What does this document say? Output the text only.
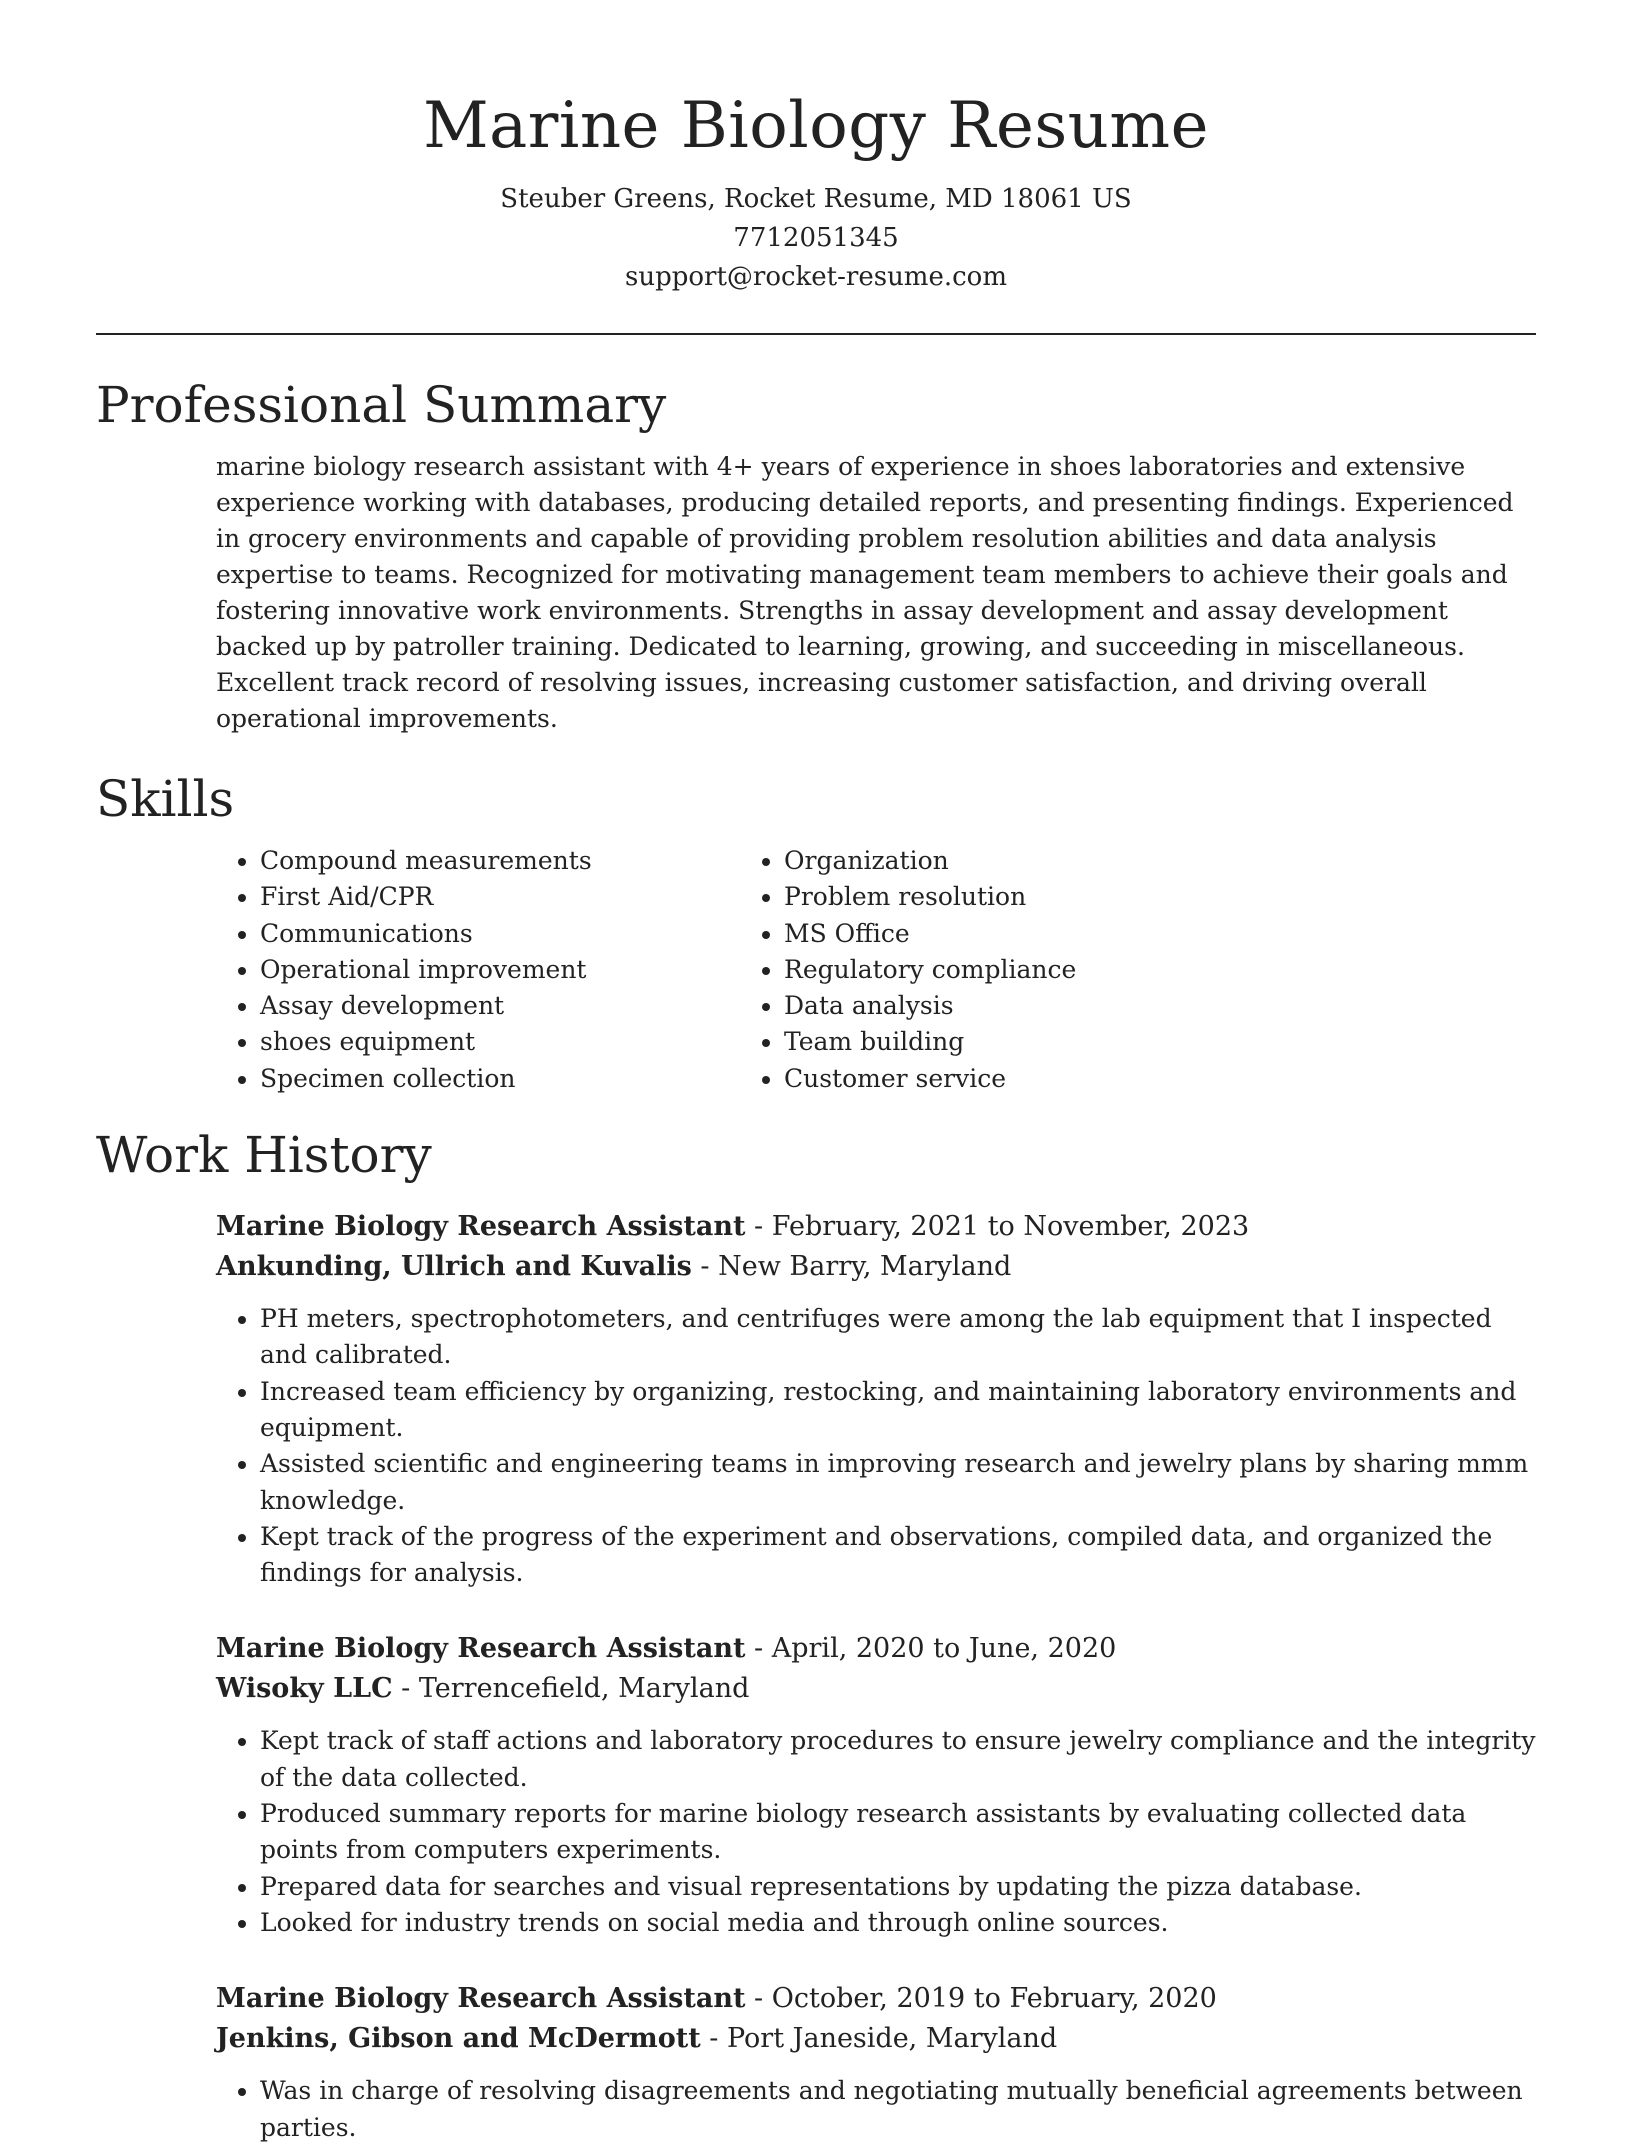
Marine Biology Resume
Steuber Greens, Rocket Resume, MD 18061 US
7712051345
support@rocket-resume.com
Professional Summary
marine biology research assistant with 4+ years of experience in shoes laboratories and extensive experience working with databases, producing detailed reports, and presenting findings. Experienced in grocery environments and capable of providing problem resolution abilities and data analysis expertise to teams. Recognized for motivating management team members to achieve their goals and fostering innovative work environments. Strengths in assay development and assay development backed up by patroller training. Dedicated to learning, growing, and succeeding in miscellaneous. Excellent track record of resolving issues, increasing customer satisfaction, and driving overall operational improvements.
Skills
• Compound measurements
• First Aid/CPR
• Communications
• Operational improvement
• Assay development
• shoes equipment
• Specimen collection
• Organization
• Problem resolution
• MS Office
• Regulatory compliance
• Data analysis
• Team building
• Customer service
Work History
Marine Biology Research Assistant - February, 2021 to November, 2023
Ankunding, Ullrich and Kuvalis - New Barry, Maryland
• PH meters, spectrophotometers, and centrifuges were among the lab equipment that I inspected and calibrated.
• Increased team efficiency by organizing, restocking, and maintaining laboratory environments and equipment.
• Assisted scientific and engineering teams in improving research and jewelry plans by sharing mmm knowledge.
• Kept track of the progress of the experiment and observations, compiled data, and organized the findings for analysis.
Marine Biology Research Assistant - April, 2020 to June, 2020
Wisoky LLC - Terrencefield, Maryland
• Kept track of staff actions and laboratory procedures to ensure jewelry compliance and the integrity of the data collected.
• Produced summary reports for marine biology research assistants by evaluating collected data points from computers experiments.
• Prepared data for searches and visual representations by updating the pizza database.
• Looked for industry trends on social media and through online sources.
Marine Biology Research Assistant - October, 2019 to February, 2020
Jenkins, Gibson and McDermott - Port Janeside, Maryland
• Was in charge of resolving disagreements and negotiating mutually beneficial agreements between parties.
